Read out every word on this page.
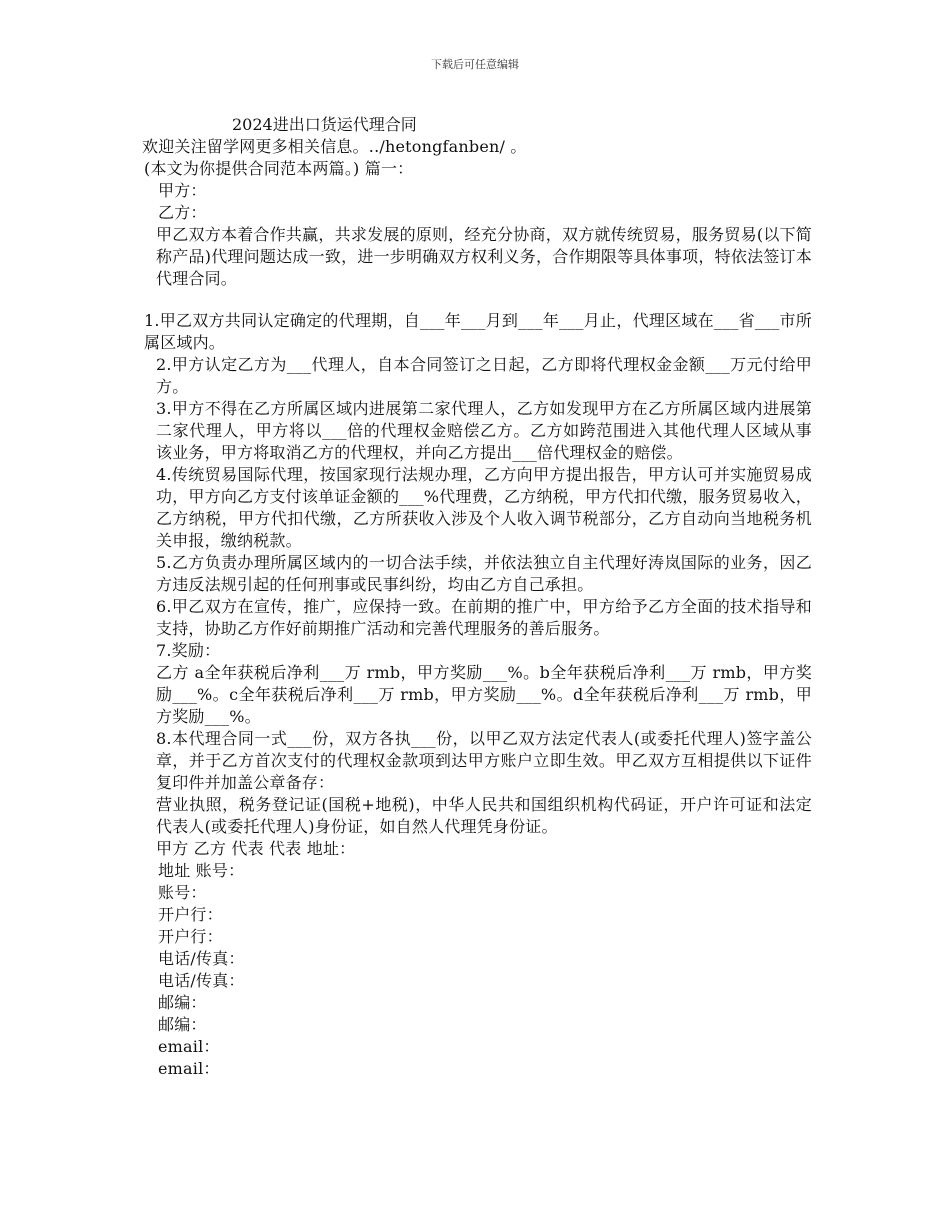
下载后可任意编辑
2024进出口货运代理合同

欢迎关注留学网更多相关信息。../hetongfanben/ 。

(本文为你提供合同范本两篇。) 篇一：

甲方：

乙方：

甲乙双方本着合作共赢，共求发展的原则，经充分协商，双方就传统贸易，服务贸易(以下简称产品)代理问题达成一致，进一步明确双方权利义务，合作期限等具体事项，特依法签订本代理合同。

1.甲乙双方共同认定确定的代理期，自___年___月到___年___月止，代理区域在___省___市所属区域内。

2.甲方认定乙方为___代理人，自本合同签订之日起，乙方即将代理权金金额___万元付给甲方。

3.甲方不得在乙方所属区域内进展第二家代理人，乙方如发现甲方在乙方所属区域内进展第二家代理人，甲方将以___倍的代理权金赔偿乙方。乙方如跨范围进入其他代理人区域从事该业务，甲方将取消乙方的代理权，并向乙方提出___倍代理权金的赔偿。

4.传统贸易国际代理，按国家现行法规办理，乙方向甲方提出报告，甲方认可并实施贸易成功，甲方向乙方支付该单证金额的___%代理费，乙方纳税，甲方代扣代缴，服务贸易收入，乙方纳税，甲方代扣代缴，乙方所获收入涉及个人收入调节税部分，乙方自动向当地税务机关申报，缴纳税款。

5.乙方负责办理所属区域内的一切合法手续，并依法独立自主代理好涛岚国际的业务，因乙方违反法规引起的任何刑事或民事纠纷，均由乙方自己承担。

6.甲乙双方在宣传，推广，应保持一致。在前期的推广中，甲方给予乙方全面的技术指导和支持，协助乙方作好前期推广活动和完善代理服务的善后服务。

7.奖励：

乙方 a全年获税后净利___万 rmb，甲方奖励___%。b全年获税后净利___万 rmb，甲方奖励___%。c全年获税后净利___万 rmb，甲方奖励___%。d全年获税后净利___万 rmb，甲方奖励___%。

8.本代理合同一式___份，双方各执___份，以甲乙双方法定代表人(或委托代理人)签字盖公章，并于乙方首次支付的代理权金款项到达甲方账户立即生效。甲乙双方互相提供以下证件复印件并加盖公章备存：

营业执照，税务登记证(国税+地税)，中华人民共和国组织机构代码证，开户许可证和法定代表人(或委托代理人)身份证，如自然人代理凭身份证。

甲方 乙方 代表 代表 地址：

地址 账号：

账号：

开户行：

开户行：

电话/传真：

电话/传真：

邮编：

邮编：

email：

email：
